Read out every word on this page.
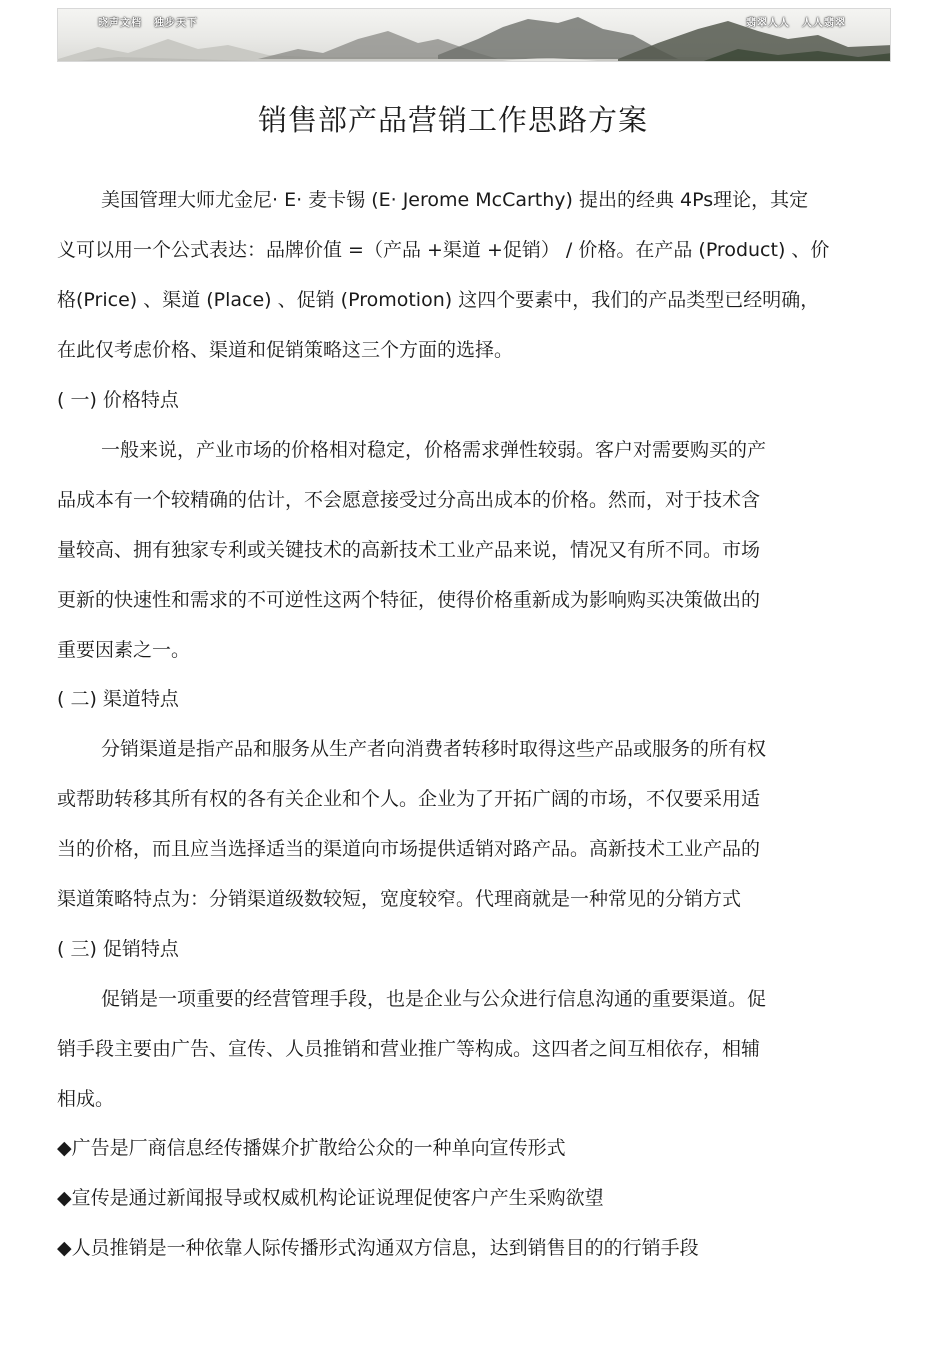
晓声文档 独步天下	翡翠人人 人人翡翠
销售部产品营销工作思路方案
美国管理大师尤金尼· E· 麦卡锡 (E· Jerome McCarthy) 提出的经典 4Ps理论，其定
义可以用一个公式表达：品牌价值 =（产品 +渠道 +促销） / 价格。在产品 (Product) 、价
格(Price) 、渠道 (Place) 、促销 (Promotion) 这四个要素中，我们的产品类型已经明确，
在此仅考虑价格、渠道和促销策略这三个方面的选择。
( 一) 价格特点
一般来说，产业市场的价格相对稳定，价格需求弹性较弱。客户对需要购买的产
品成本有一个较精确的估计，不会愿意接受过分高出成本的价格。然而，对于技术含
量较高、拥有独家专利或关键技术的高新技术工业产品来说，情况又有所不同。市场
更新的快速性和需求的不可逆性这两个特征，使得价格重新成为影响购买决策做出的
重要因素之一。
( 二) 渠道特点
分销渠道是指产品和服务从生产者向消费者转移时取得这些产品或服务的所有权
或帮助转移其所有权的各有关企业和个人。企业为了开拓广阔的市场，不仅要采用适
当的价格，而且应当选择适当的渠道向市场提供适销对路产品。高新技术工业产品的
渠道策略特点为：分销渠道级数较短，宽度较窄。代理商就是一种常见的分销方式
( 三) 促销特点
促销是一项重要的经营管理手段，也是企业与公众进行信息沟通的重要渠道。促
销手段主要由广告、宣传、人员推销和营业推广等构成。这四者之间互相依存，相辅
相成。
◆广告是厂商信息经传播媒介扩散给公众的一种单向宣传形式
◆宣传是通过新闻报导或权威机构论证说理促使客户产生采购欲望
◆人员推销是一种依靠人际传播形式沟通双方信息，达到销售目的的行销手段
